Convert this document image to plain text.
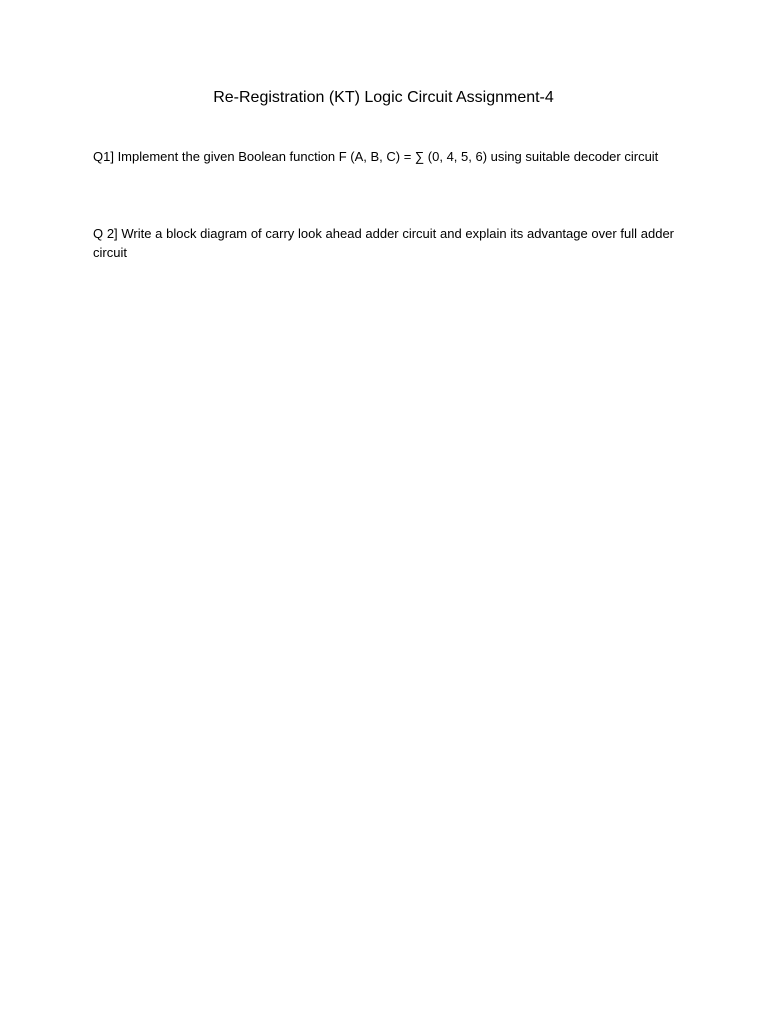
Re-Registration (KT) Logic Circuit Assignment-4
Q1] Implement the given Boolean function F (A, B, C) = ∑ (0, 4, 5, 6) using suitable decoder circuit
Q 2] Write a block diagram of carry look ahead adder circuit and explain its advantage over full adder circuit
